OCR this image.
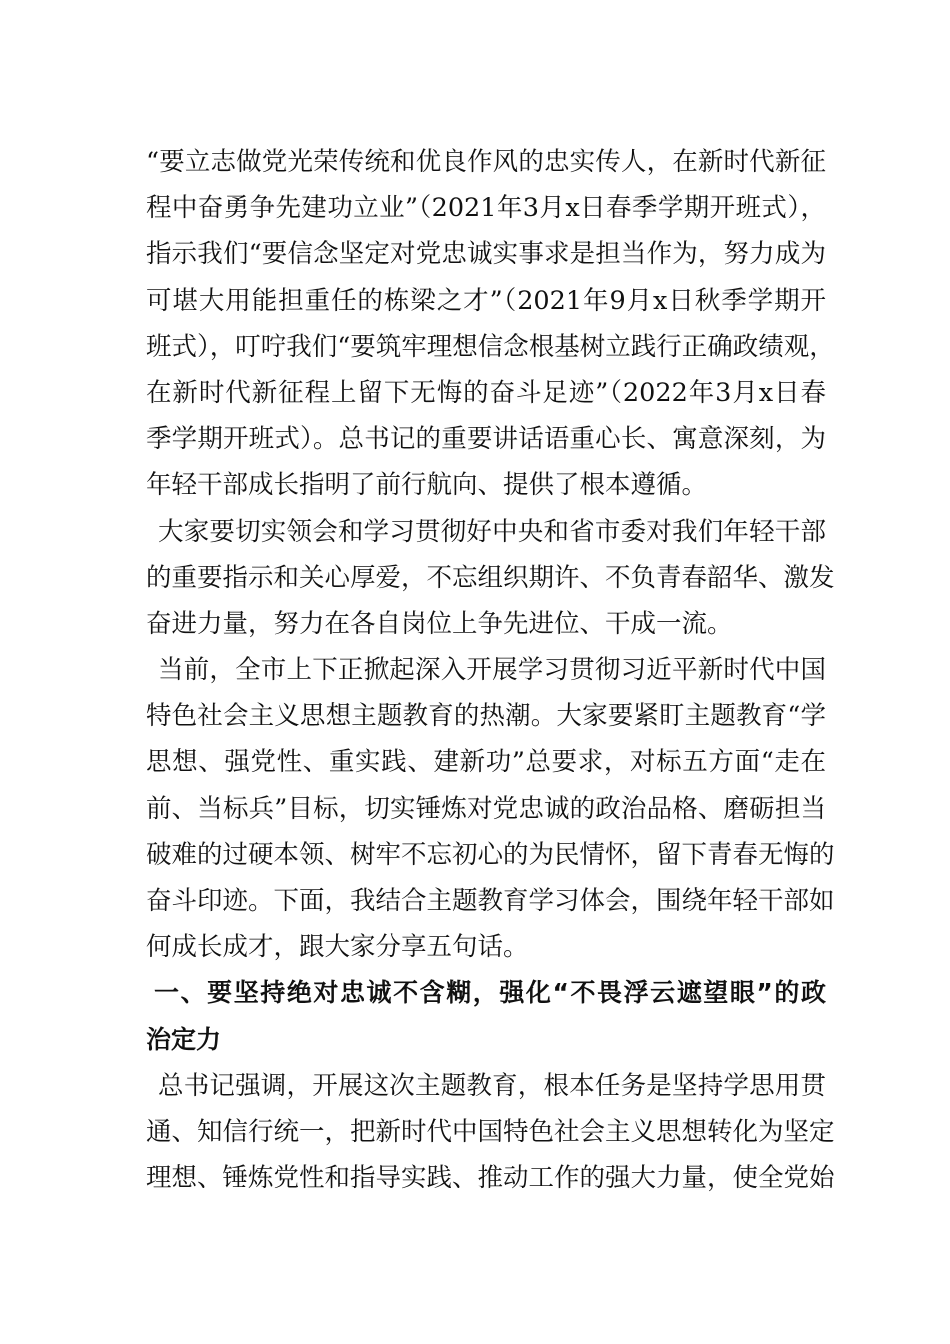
“要立志做党光荣传统和优良作风的忠实传人，在新时代新征
程中奋勇争先建功立业”（2021年3月x日春季学期开班式），
指示我们“要信念坚定对党忠诚实事求是担当作为，努力成为
可堪大用能担重任的栋梁之才”（2021年9月x日秋季学期开
班式），叮咛我们“要筑牢理想信念根基树立践行正确政绩观，
在新时代新征程上留下无悔的奋斗足迹”（2022年3月x日春
季学期开班式）。总书记的重要讲话语重心长、寓意深刻，为
年轻干部成长指明了前行航向、提供了根本遵循。
大家要切实领会和学习贯彻好中央和省市委对我们年轻干部
的重要指示和关心厚爱，不忘组织期许、不负青春韶华、激发
奋进力量，努力在各自岗位上争先进位、干成一流。
当前，全市上下正掀起深入开展学习贯彻习近平新时代中国
特色社会主义思想主题教育的热潮。大家要紧盯主题教育“学
思想、强党性、重实践、建新功”总要求，对标五方面“走在
前、当标兵”目标，切实锤炼对党忠诚的政治品格、磨砺担当
破难的过硬本领、树牢不忘初心的为民情怀，留下青春无悔的
奋斗印迹。下面，我结合主题教育学习体会，围绕年轻干部如
何成长成才，跟大家分享五句话。
一、要坚持绝对忠诚不含糊，强化“不畏浮云遮望眼”的政
治定力
总书记强调，开展这次主题教育，根本任务是坚持学思用贯
通、知信行统一，把新时代中国特色社会主义思想转化为坚定
理想、锤炼党性和指导实践、推动工作的强大力量，使全党始
